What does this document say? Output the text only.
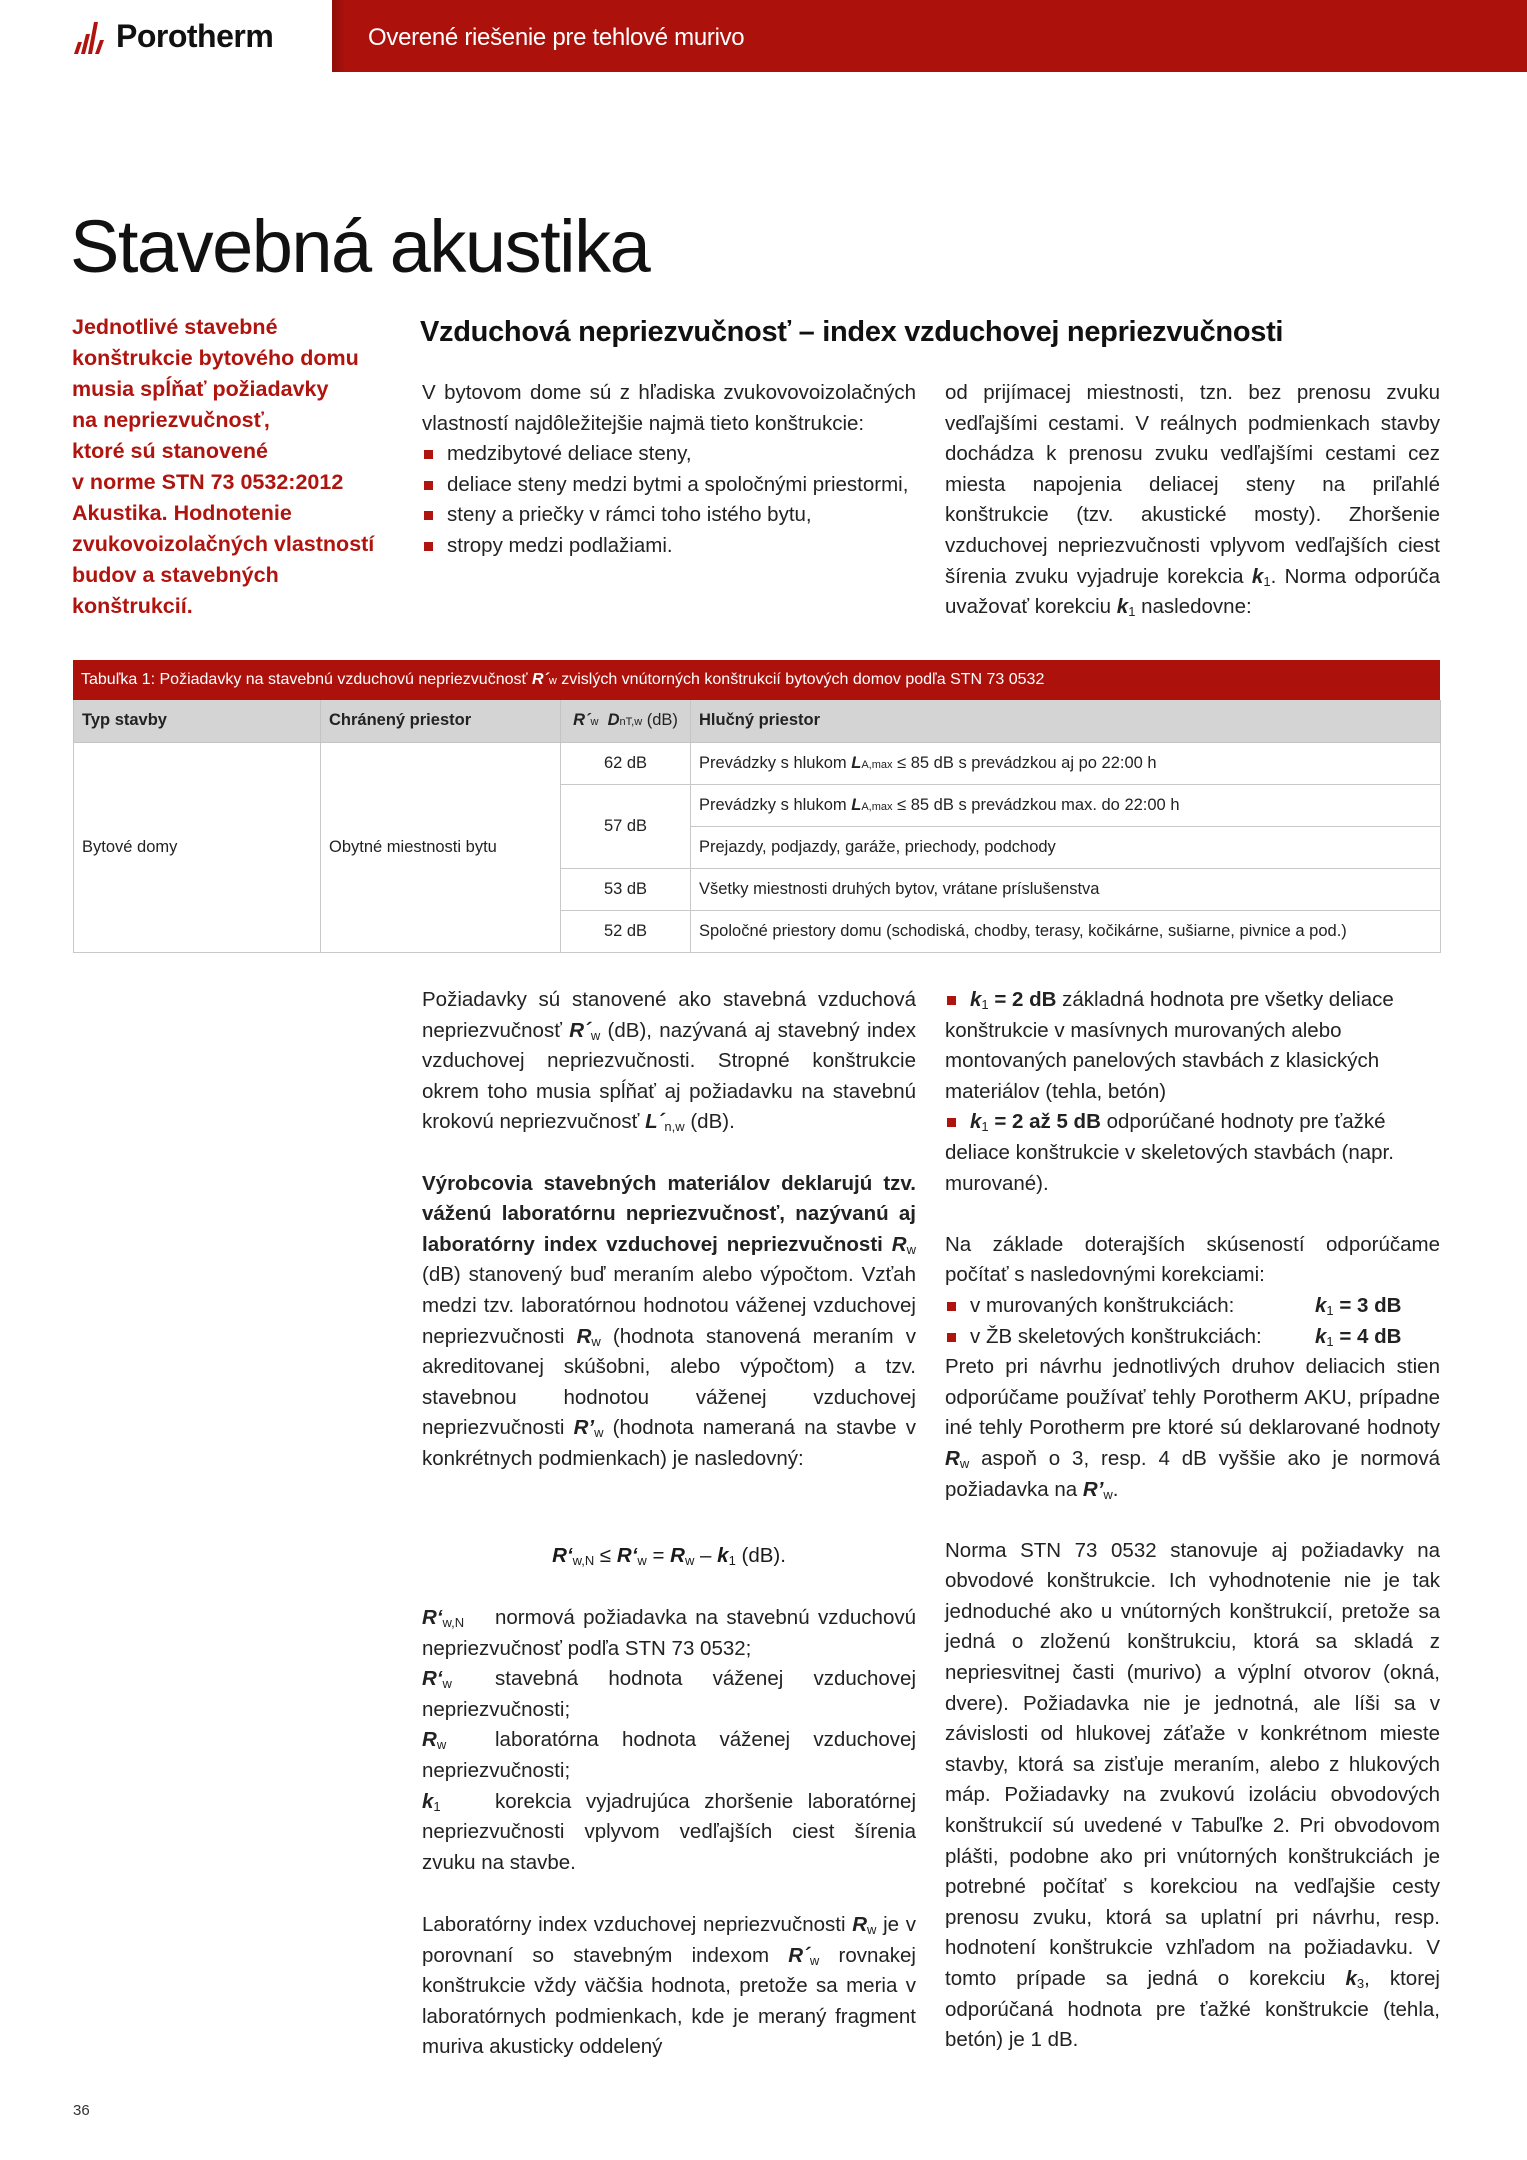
Porotherm	Overené riešenie pre tehlové murivo
Stavebná akustika
Jednotlivé stavebné
konštrukcie bytového domu
musia spĺňať požiadavky
na nepriezvučnosť,
ktoré sú stanovené
v norme STN 73 0532:2012
Akustika. Hodnotenie
zvukovoizolačných vlastností
budov a stavebných
konštrukcií.
Vzduchová nepriezvučnosť – index vzduchovej nepriezvučnosti

V bytovom dome sú z hľadiska zvukovovoizolačných vlastností najdôležitejšie najmä tieto konštrukcie:

medzibytové deliace steny,
deliace steny medzi bytmi a spoločnými priestormi,
steny a priečky v rámci toho istého bytu,
stropy medzi podlažiami.

od prijímacej miestnosti, tzn. bez prenosu zvuku vedľajšími cestami. V reálnych podmienkach stavby dochádza k prenosu zvuku vedľajšími cestami cez miesta napojenia deliacej steny na priľahlé konštrukcie (tzv. akustické mosty). Zhoršenie vzduchovej nepriezvučnosti vplyvom vedľajších ciest šírenia zvuku vyjadruje korekcia $k_1$. Norma odporúča uvažovať korekciu $k_1$ nasledovne:

Tabuľka 1: Požiadavky na stavebnú vzduchovú nepriezvučnosť R´w zvislých vnútorných konštrukcií bytových domov podľa STN 73 0532
Typ stavby	Chránený priestor	R´w DnT,w (dB)	Hlučný priestor
Bytové domy	Obytné miestnosti bytu	62 dB	Prevádzky s hlukom LA,max ≤ 85 dB s prevádzkou aj po 22:00 h
		57 dB	Prevádzky s hlukom LA,max ≤ 85 dB s prevádzkou max. do 22:00 h
			Prejazdy, podjazdy, garáže, priechody, podchody
		53 dB	Všetky miestnosti druhých bytov, vrátane príslušenstva
		52 dB	Spoločné priestory domu (schodiská, chodby, terasy, kočikárne, sušiarne, pivnice a pod.)

Požiadavky sú stanovené ako stavebná vzduchová nepriezvučnosť $R´_w$ (dB), nazývaná aj stavebný index vzduchovej nepriezvučnosti. Stropné konštrukcie okrem toho musia spĺňať aj požiadavku na stavebnú krokovú nepriezvučnosť $L´_{n,w}$ (dB).

Výrobcovia stavebných materiálov deklarujú tzv. váženú laboratórnu nepriezvučnosť, nazývanú aj laboratórny index vzduchovej nepriezvučnosti $R_w$ (dB) stanovený buď meraním alebo výpočtom. Vzťah medzi tzv. laboratórnou hodnotou váženej vzduchovej nepriezvučnosti $R_w$ (hodnota stanovená meraním v akreditovanej skúšobni, alebo výpočtom) a tzv. stavebnou hodnotou váženej vzduchovej nepriezvučnosti $R’_w$ (hodnota nameraná na stavbe v konkrétnych podmienkach) je nasledovný:

$R‘_{w,N}$ ≤ $R‘_w = R_w - k_1$ (dB).

$R‘_{w,N}$ normová požiadavka na stavebnú vzduchovú nepriezvučnosť podľa STN 73 0532;

$R‘_w$ stavebná hodnota váženej vzduchovej nepriezvučnosti;

$R_w$ laboratórna hodnota váženej vzduchovej nepriezvučnosti;

$k_1$	korekcia vyjadrujúca zhoršenie laboratórnej nepriezvučnosti vplyvom vedľajších ciest šírenia zvuku na stavbe.

Laboratórny index vzduchovej nepriezvučnosti $R_w$ je v porovnaní so stavebným indexom $R´_w$ rovnakej konštrukcie vždy väčšia hodnota, pretože sa meria v laboratórnych podmienkach, kde je meraný fragment muriva akusticky oddelený

$k_1 = 2$ dB základná hodnota pre všetky deliace konštrukcie v masívnych murovaných alebo montovaných panelových stavbách z klasických materiálov (tehla, betón)
$k_1 = 2$ až 5 dB odporúčané hodnoty pre ťažké deliace konštrukcie v skeletových stavbách (napr. murované).

Na základe doterajších skúseností odporúčame počítať s nasledovnými korekciami:

v murovaných konštrukciách:	$k_1 = 3$ dB
v ŽB skeletových konštrukciách:	$k_1 = 4$ dB

Preto pri návrhu jednotlivých druhov deliacich stien odporúčame používať tehly Porotherm AKU, prípadne iné tehly Porotherm pre ktoré sú deklarované hodnoty $R_w$ aspoň o 3, resp. 4 dB vyššie ako je normová požiadavka na $R’_w$.

Norma STN 73 0532 stanovuje aj požiadavky na obvodové konštrukcie. Ich vyhodnotenie nie je tak jednoduché ako u vnútorných konštrukcií, pretože sa jedná o zloženú konštrukciu, ktorá sa skladá z nepriesvitnej časti (murivo) a výplní otvorov (okná, dvere). Požiadavka nie je jednotná, ale líši sa v závislosti od hlukovej záťaže v konkrétnom mieste stavby, ktorá sa zisťuje meraním, alebo z hlukových máp. Požiadavky na zvukovú izoláciu obvodových konštrukcií sú uvedené v Tabuľke 2. Pri obvodovom plášti, podobne ako pri vnútorných konštrukciách je potrebné počítať s korekciou na vedľajšie cesty prenosu zvuku, ktorá sa uplatní pri návrhu, resp. hodnotení konštrukcie vzhľadom na požiadavku. V tomto prípade sa jedná o korekciu $k_3$, ktorej odporúčaná hodnota pre ťažké konštrukcie (tehla, betón) je 1 dB.

36
